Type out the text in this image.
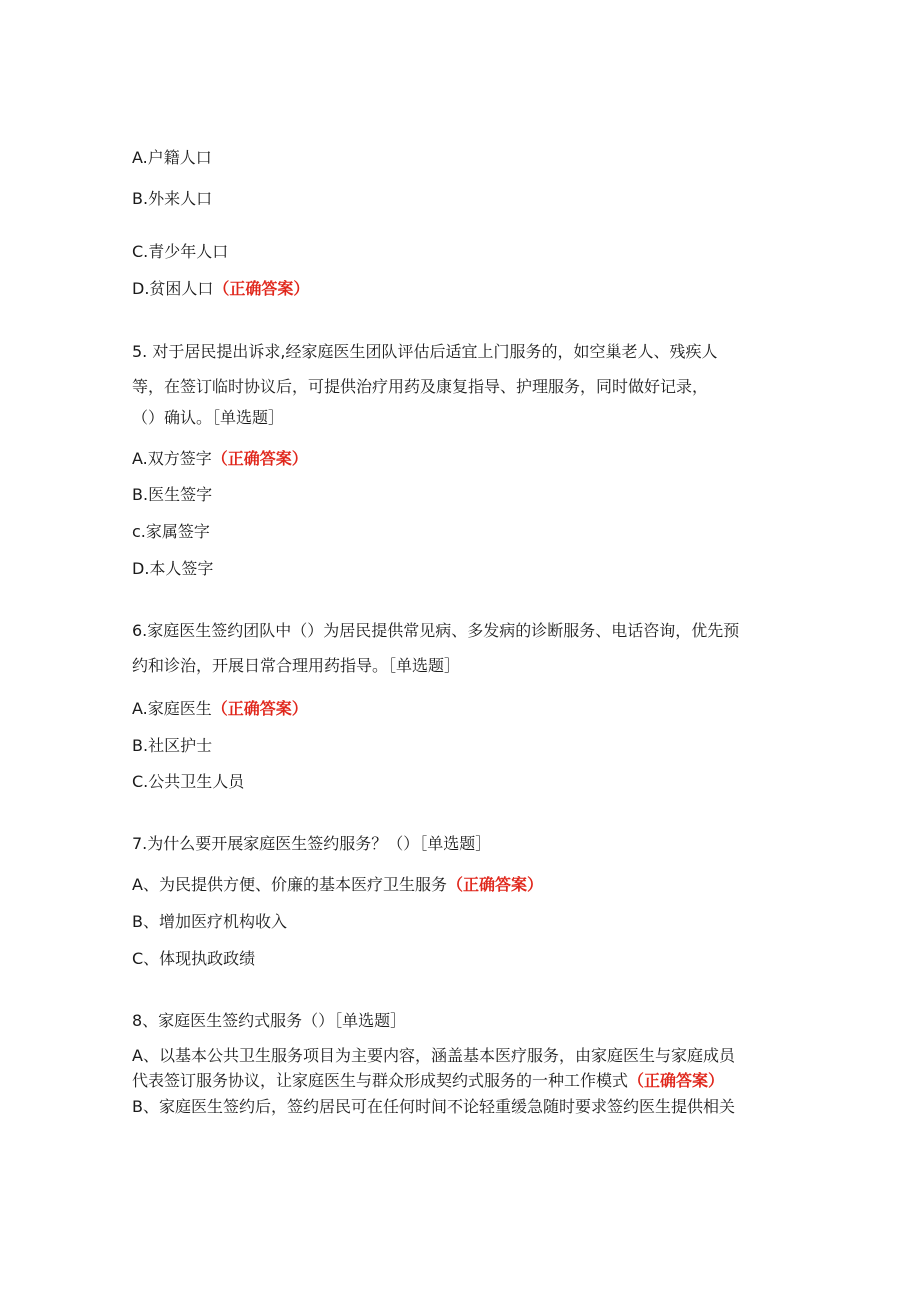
A.户籍人口
B.外来人口
C.青少年人口
D.贫困人口（正确答案）
5. 对于居民提出诉求,经家庭医生团队评估后适宜上门服务的，如空巢老人、残疾人
等，在签订临时协议后，可提供治疗用药及康复指导、护理服务，同时做好记录，
（）确认。［单选题］
A.双方签字（正确答案）
B.医生签字
c.家属签字
D.本人签字
6.家庭医生签约团队中（）为居民提供常见病、多发病的诊断服务、电话咨询，优先预
约和诊治，开展日常合理用药指导。［单选题］
A.家庭医生（正确答案）
B.社区护士
C.公共卫生人员
7.为什么要开展家庭医生签约服务？（）［单选题］
A、为民提供方便、价廉的基本医疗卫生服务（正确答案）
B、增加医疗机构收入
C、体现执政政绩
8、家庭医生签约式服务（）［单选题］
A、以基本公共卫生服务项目为主要内容，涵盖基本医疗服务，由家庭医生与家庭成员
代表签订服务协议，让家庭医生与群众形成契约式服务的一种工作模式（正确答案）
B、家庭医生签约后，签约居民可在任何时间不论轻重缓急随时要求签约医生提供相关
